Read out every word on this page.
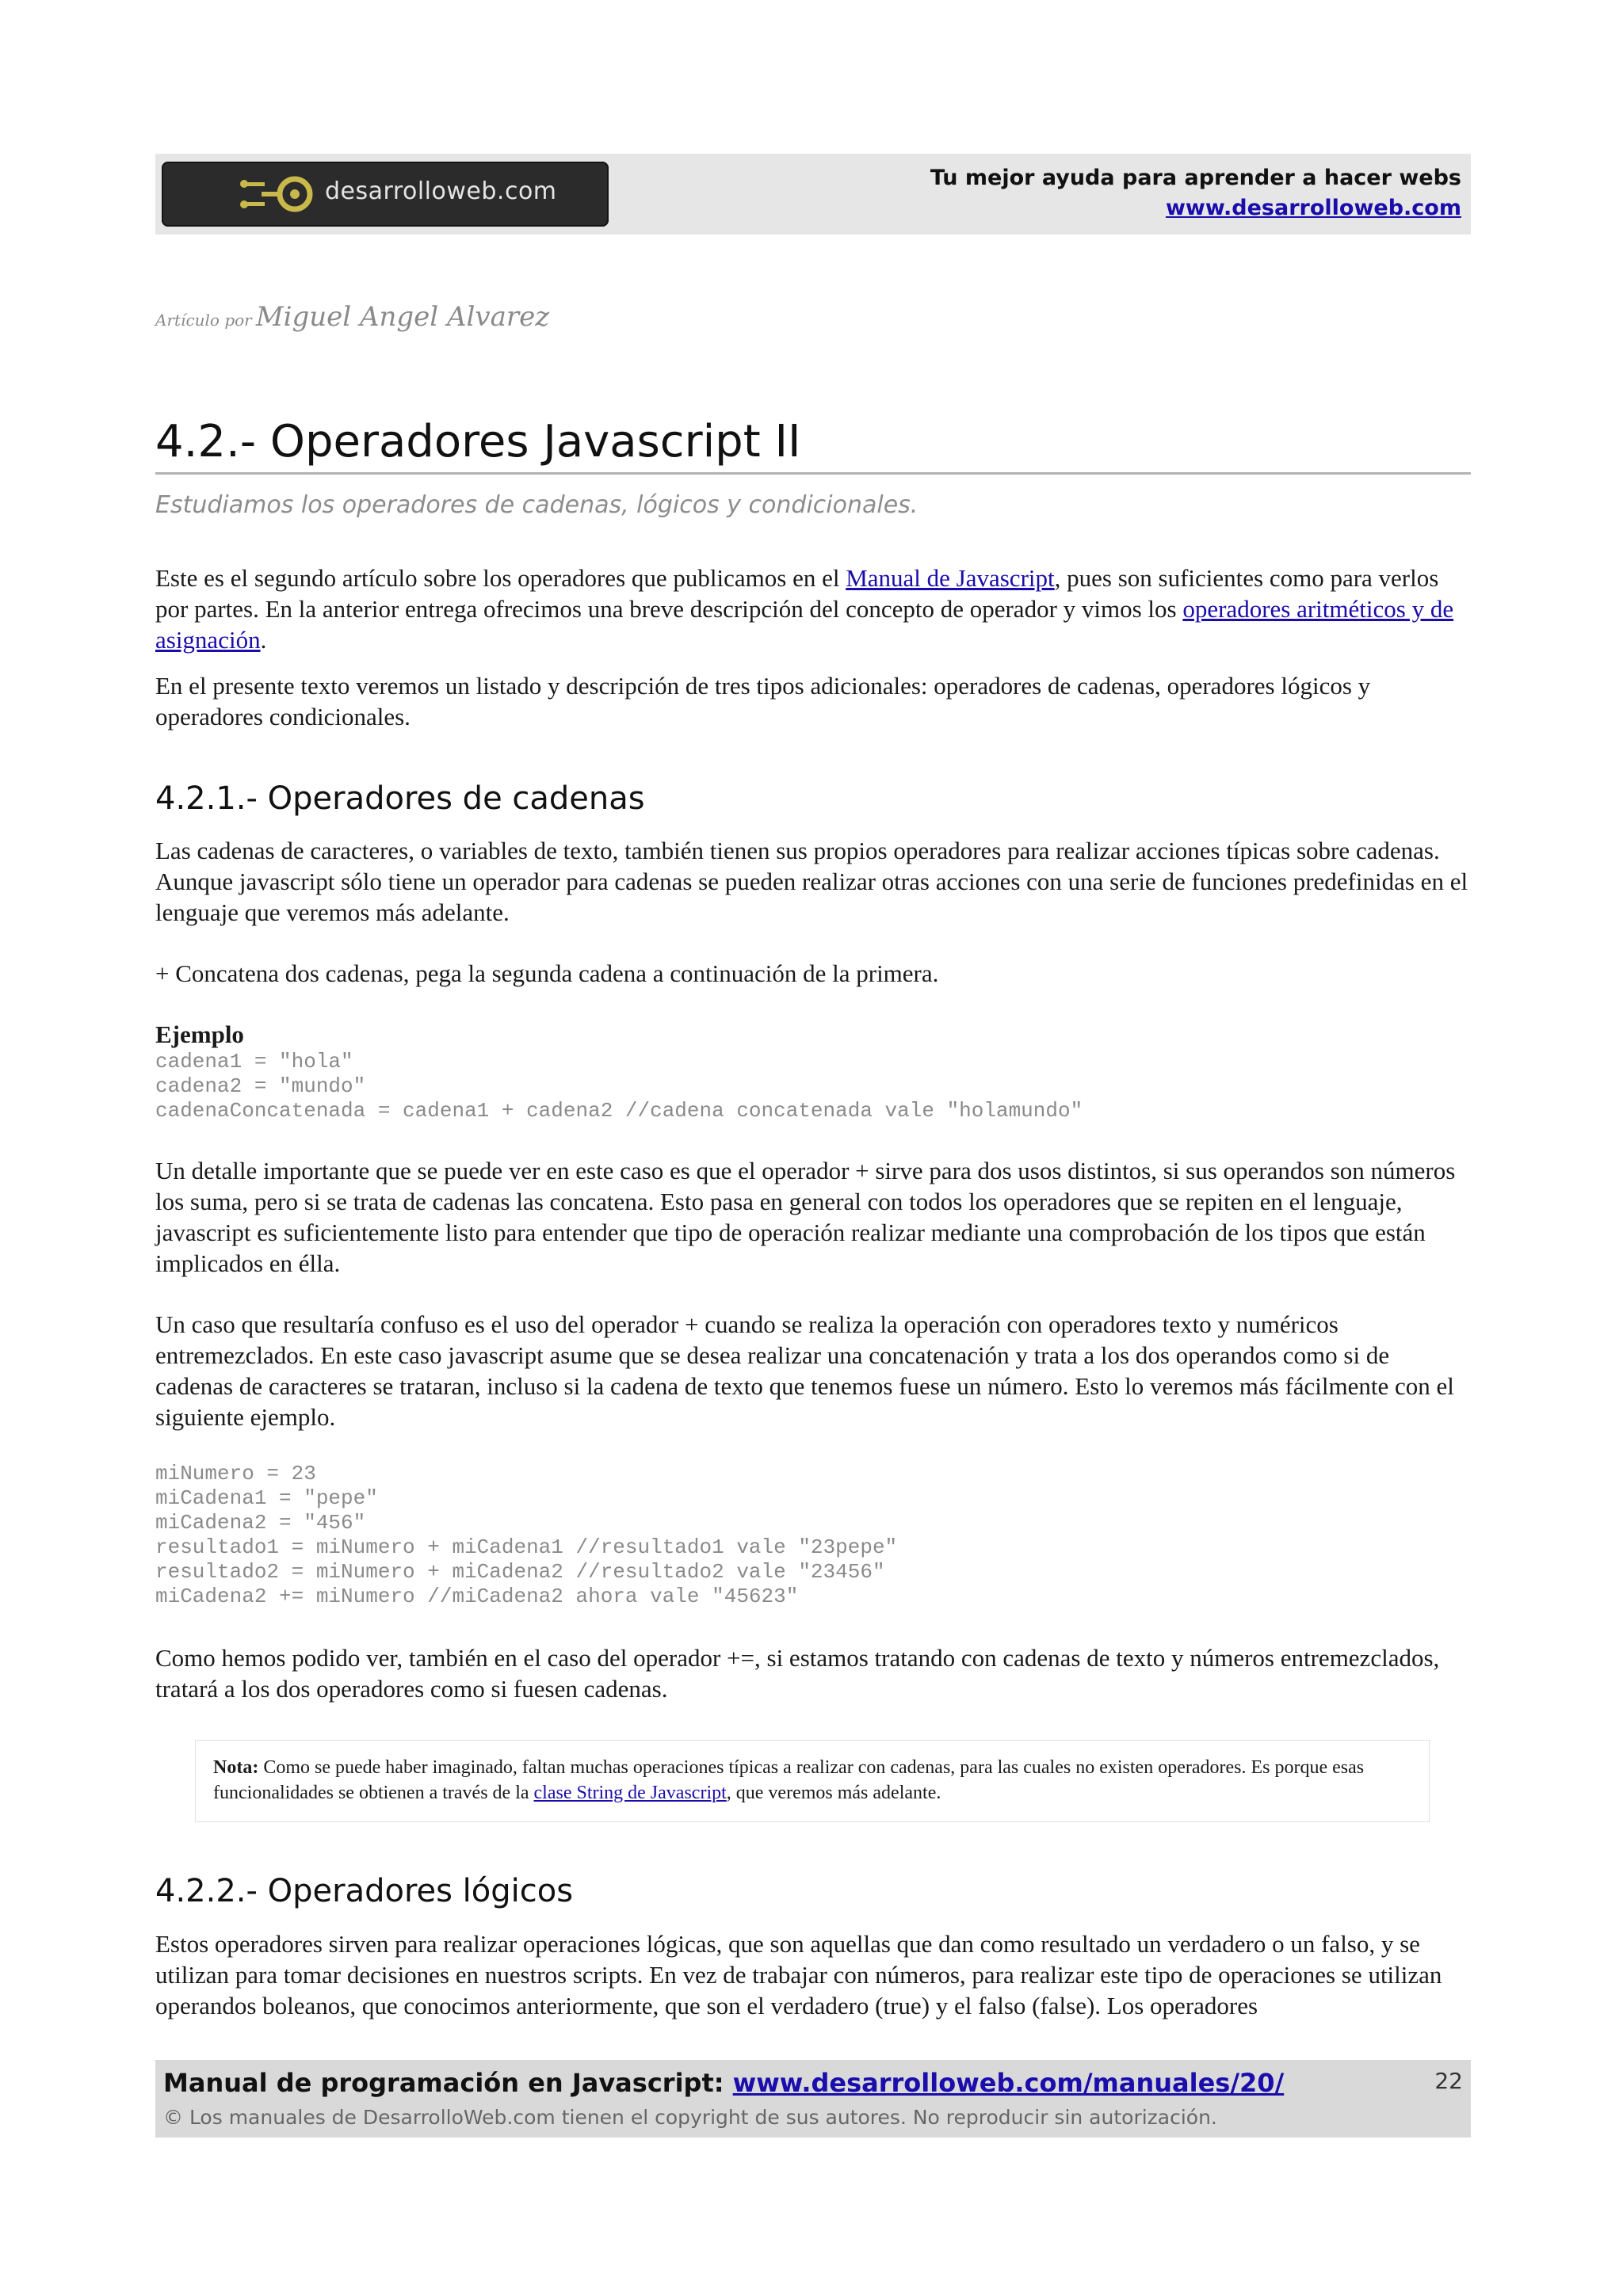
desarrolloweb.com	Tu mejor ayuda para aprender a hacer webs
www.desarrolloweb.com
Artículo por Miguel Angel Alvarez
4.2.- Operadores Javascript II
Estudiamos los operadores de cadenas, lógicos y condicionales.

Este es el segundo artículo sobre los operadores que publicamos en el Manual de Javascript, pues son suficientes como para verlos por partes. En la anterior entrega ofrecimos una breve descripción del concepto de operador y vimos los operadores aritméticos y de asignación.

En el presente texto veremos un listado y descripción de tres tipos adicionales: operadores de cadenas, operadores lógicos y operadores condicionales.

4.2.1.- Operadores de cadenas

Las cadenas de caracteres, o variables de texto, también tienen sus propios operadores para realizar acciones típicas sobre cadenas. Aunque javascript sólo tiene un operador para cadenas se pueden realizar otras acciones con una serie de funciones predefinidas en el lenguaje que veremos más adelante.

+ Concatena dos cadenas, pega la segunda cadena a continuación de la primera.

Ejemplo

cadena1 = "hola"
cadena2 = "mundo"
cadenaConcatenada = cadena1 + cadena2 //cadena concatenada vale "holamundo"

Un detalle importante que se puede ver en este caso es que el operador + sirve para dos usos distintos, si sus operandos son números los suma, pero si se trata de cadenas las concatena. Esto pasa en general con todos los operadores que se repiten en el lenguaje, javascript es suficientemente listo para entender que tipo de operación realizar mediante una comprobación de los tipos que están implicados en élla.

Un caso que resultaría confuso es el uso del operador + cuando se realiza la operación con operadores texto y numéricos entremezclados. En este caso javascript asume que se desea realizar una concatenación y trata a los dos operandos como si de cadenas de caracteres se trataran, incluso si la cadena de texto que tenemos fuese un número. Esto lo veremos más fácilmente con el siguiente ejemplo.

miNumero = 23
miCadena1 = "pepe"
miCadena2 = "456"
resultado1 = miNumero + miCadena1 //resultado1 vale "23pepe"
resultado2 = miNumero + miCadena2 //resultado2 vale "23456"
miCadena2 += miNumero //miCadena2 ahora vale "45623"

Como hemos podido ver, también en el caso del operador +=, si estamos tratando con cadenas de texto y números entremezclados, tratará a los dos operadores como si fuesen cadenas.

Nota: Como se puede haber imaginado, faltan muchas operaciones típicas a realizar con cadenas, para las cuales no existen operadores. Es porque esas funcionalidades se obtienen a través de la clase String de Javascript, que veremos más adelante.

4.2.2.- Operadores lógicos

Estos operadores sirven para realizar operaciones lógicas, que son aquellas que dan como resultado un verdadero o un falso, y se utilizan para tomar decisiones en nuestros scripts. En vez de trabajar con números, para realizar este tipo de operaciones se utilizan operandos boleanos, que conocimos anteriormente, que son el verdadero (true) y el falso (false). Los operadores

Manual de programación en Javascript: www.desarrolloweb.com/manuales/20/
© Los manuales de DesarrolloWeb.com tienen el copyright de sus autores. No reproducir sin autorización.
22
